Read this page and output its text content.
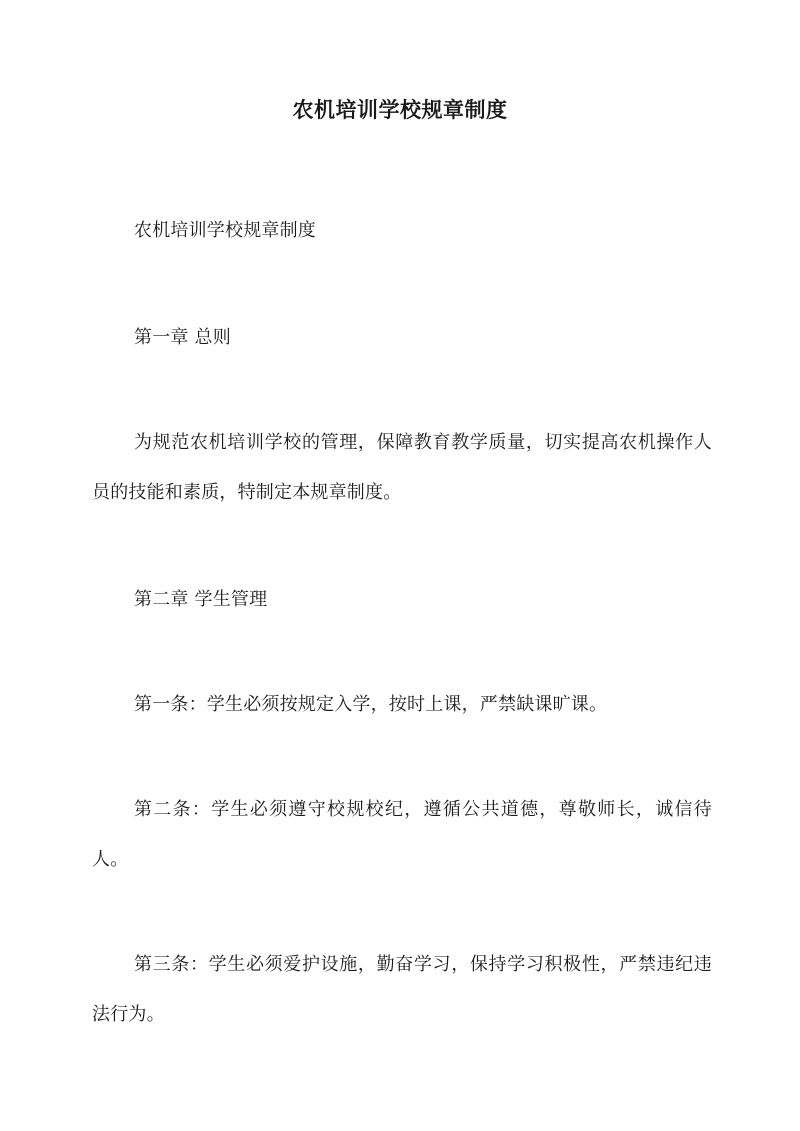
农机培训学校规章制度

农机培训学校规章制度

第一章 总则

为规范农机培训学校的管理，保障教育教学质量，切实提高农机操作人员的技能和素质，特制定本规章制度。

第二章 学生管理

第一条：学生必须按规定入学，按时上课，严禁缺课旷课。

第二条：学生必须遵守校规校纪，遵循公共道德，尊敬师长，诚信待人。

第三条：学生必须爱护设施，勤奋学习，保持学习积极性，严禁违纪违法行为。
